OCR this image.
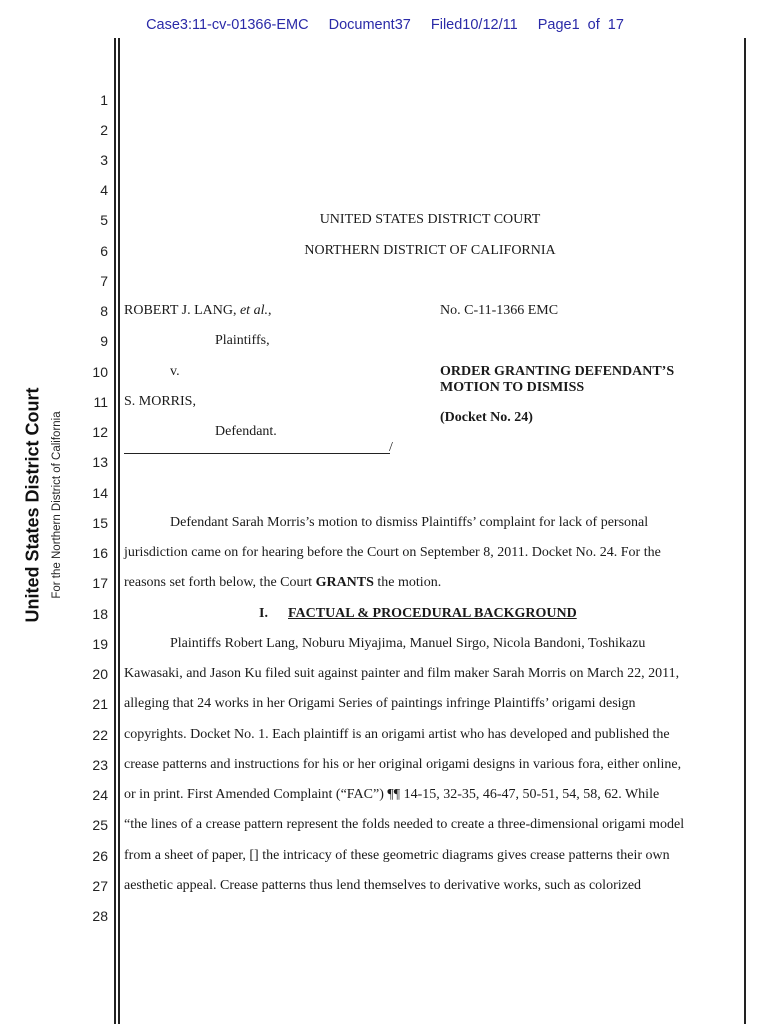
Case3:11-cv-01366-EMC Document37 Filed10/12/11 Page1 of 17
United States District Court For the Northern District of California
1
2
3
4
5
6
7
8
9
10
11
12
13
14
15
16
17
18
19
20
21
22
23
24
25
26
27
28
UNITED STATES DISTRICT COURT
NORTHERN DISTRICT OF CALIFORNIA
ROBERT J. LANG, et al.,	No. C-11-1366 EMC
Plaintiffs,
v.	ORDER GRANTING DEFENDANT’S
MOTION TO DISMISS
S. MORRIS,
(Docket No. 24)
Defendant.
/
Defendant Sarah Morris’s motion to dismiss Plaintiffs’ complaint for lack of personal
jurisdiction came on for hearing before the Court on September 8, 2011. Docket No. 24. For the
reasons set forth below, the Court GRANTS the motion.
I. FACTUAL & PROCEDURAL BACKGROUND
Plaintiffs Robert Lang, Noburu Miyajima, Manuel Sirgo, Nicola Bandoni, Toshikazu
Kawasaki, and Jason Ku filed suit against painter and film maker Sarah Morris on March 22, 2011,
alleging that 24 works in her Origami Series of paintings infringe Plaintiffs’ origami design
copyrights. Docket No. 1. Each plaintiff is an origami artist who has developed and published the
crease patterns and instructions for his or her original origami designs in various fora, either online,
or in print. First Amended Complaint (“FAC”) ¶¶ 14-15, 32-35, 46-47, 50-51, 54, 58, 62. While
“the lines of a crease pattern represent the folds needed to create a three-dimensional origami model
from a sheet of paper, [] the intricacy of these geometric diagrams gives crease patterns their own
aesthetic appeal. Crease patterns thus lend themselves to derivative works, such as colorized
